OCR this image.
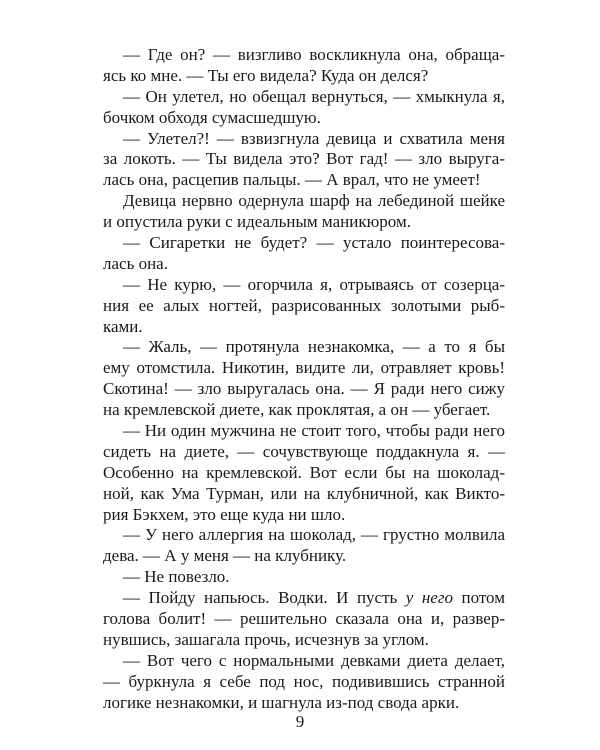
— Где он? — визгливо воскликнула она, обраща-
ясь ко мне. — Ты его видела? Куда он делся?
— Он улетел, но обещал вернуться, — хмыкнула я,
бочком обходя сумасшедшую.
— Улетел?! — взвизгнула девица и схватила меня
за локоть. — Ты видела это? Вот гад! — зло выруга-
лась она, расцепив пальцы. — А врал, что не умеет!
Девица нервно одернула шарф на лебединой шейке
и опустила руки с идеальным маникюром.
— Сигаретки не будет? — устало поинтересова-
лась она.
— Не курю, — огорчила я, отрываясь от созерца-
ния ее алых ногтей, разрисованных золотыми рыб-
ками.
— Жаль, — протянула незнакомка, — а то я бы
ему отомстила. Никотин, видите ли, отравляет кровь!
Скотина! — зло выругалась она. — Я ради него сижу
на кремлевской диете, как проклятая, а он — убегает.
— Ни один мужчина не стоит того, чтобы ради него
сидеть на диете, — сочувствующе поддакнула я. —
Особенно на кремлевской. Вот если бы на шоколад-
ной, как Ума Турман, или на клубничной, как Викто-
рия Бэкхем, это еще куда ни шло.
— У него аллергия на шоколад, — грустно молвила
дева. — А у меня — на клубнику.
— Не повезло.
— Пойду напьюсь. Водки. И пусть у него потом
голова болит! — решительно сказала она и, развер-
нувшись, зашагала прочь, исчезнув за углом.
— Вот чего с нормальными девками диета делает,
— буркнула я себе под нос, подивившись странной
логике незнакомки, и шагнула из-под свода арки.
9
